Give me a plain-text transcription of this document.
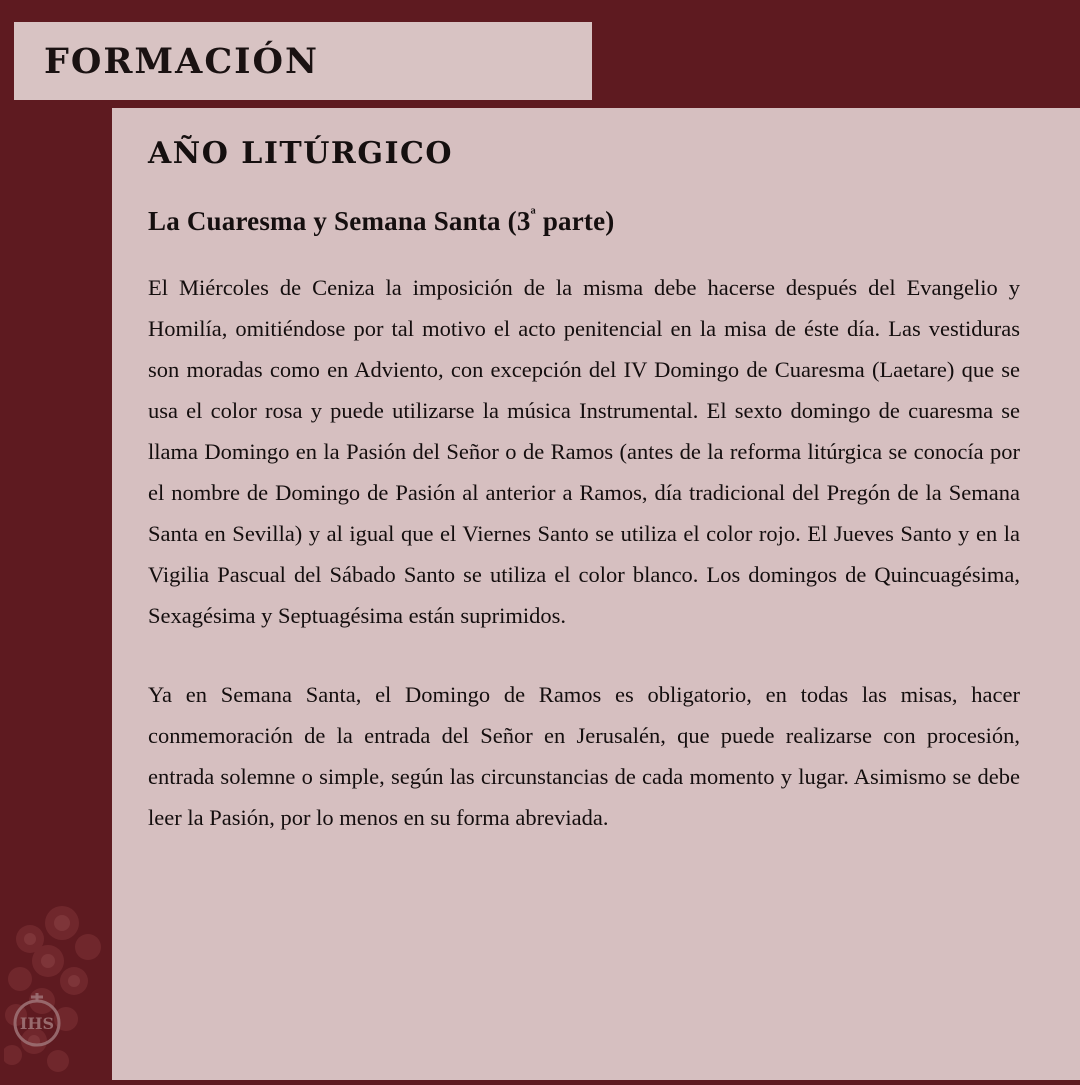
IHS
FORMACIÓN
AÑO LITÚRGICO
La Cuaresma y Semana Santa ($3^ª$ parte)

El Miércoles de Ceniza la imposición de la misma debe hacerse después del Evangelio y Homilía, omitiéndose por tal motivo el acto penitencial en la misa de éste día. Las vestiduras son moradas como en Adviento, con excepción del IV Domingo de Cuaresma (Laetare) que se usa el color rosa y puede utilizarse la música Instrumental. El sexto domingo de cuaresma se llama Domingo en la Pasión del Señor o de Ramos (antes de la reforma litúrgica se conocía por el nombre de Domingo de Pasión al anterior a Ramos, día tradicional del Pregón de la Semana Santa en Sevilla) y al igual que el Viernes Santo se utiliza el color rojo. El Jueves Santo y en la Vigilia Pascual del Sábado Santo se utiliza el color blanco. Los domingos de Quincuagésima, Sexagésima y Septuagésima están suprimidos.

Ya en Semana Santa, el Domingo de Ramos es obligatorio, en todas las misas, hacer conmemoración de la entrada del Señor en Jerusalén, que puede realizarse con procesión, entrada solemne o simple, según las circunstancias de cada momento y lugar. Asimismo se debe leer la Pasión, por lo menos en su forma abreviada.
